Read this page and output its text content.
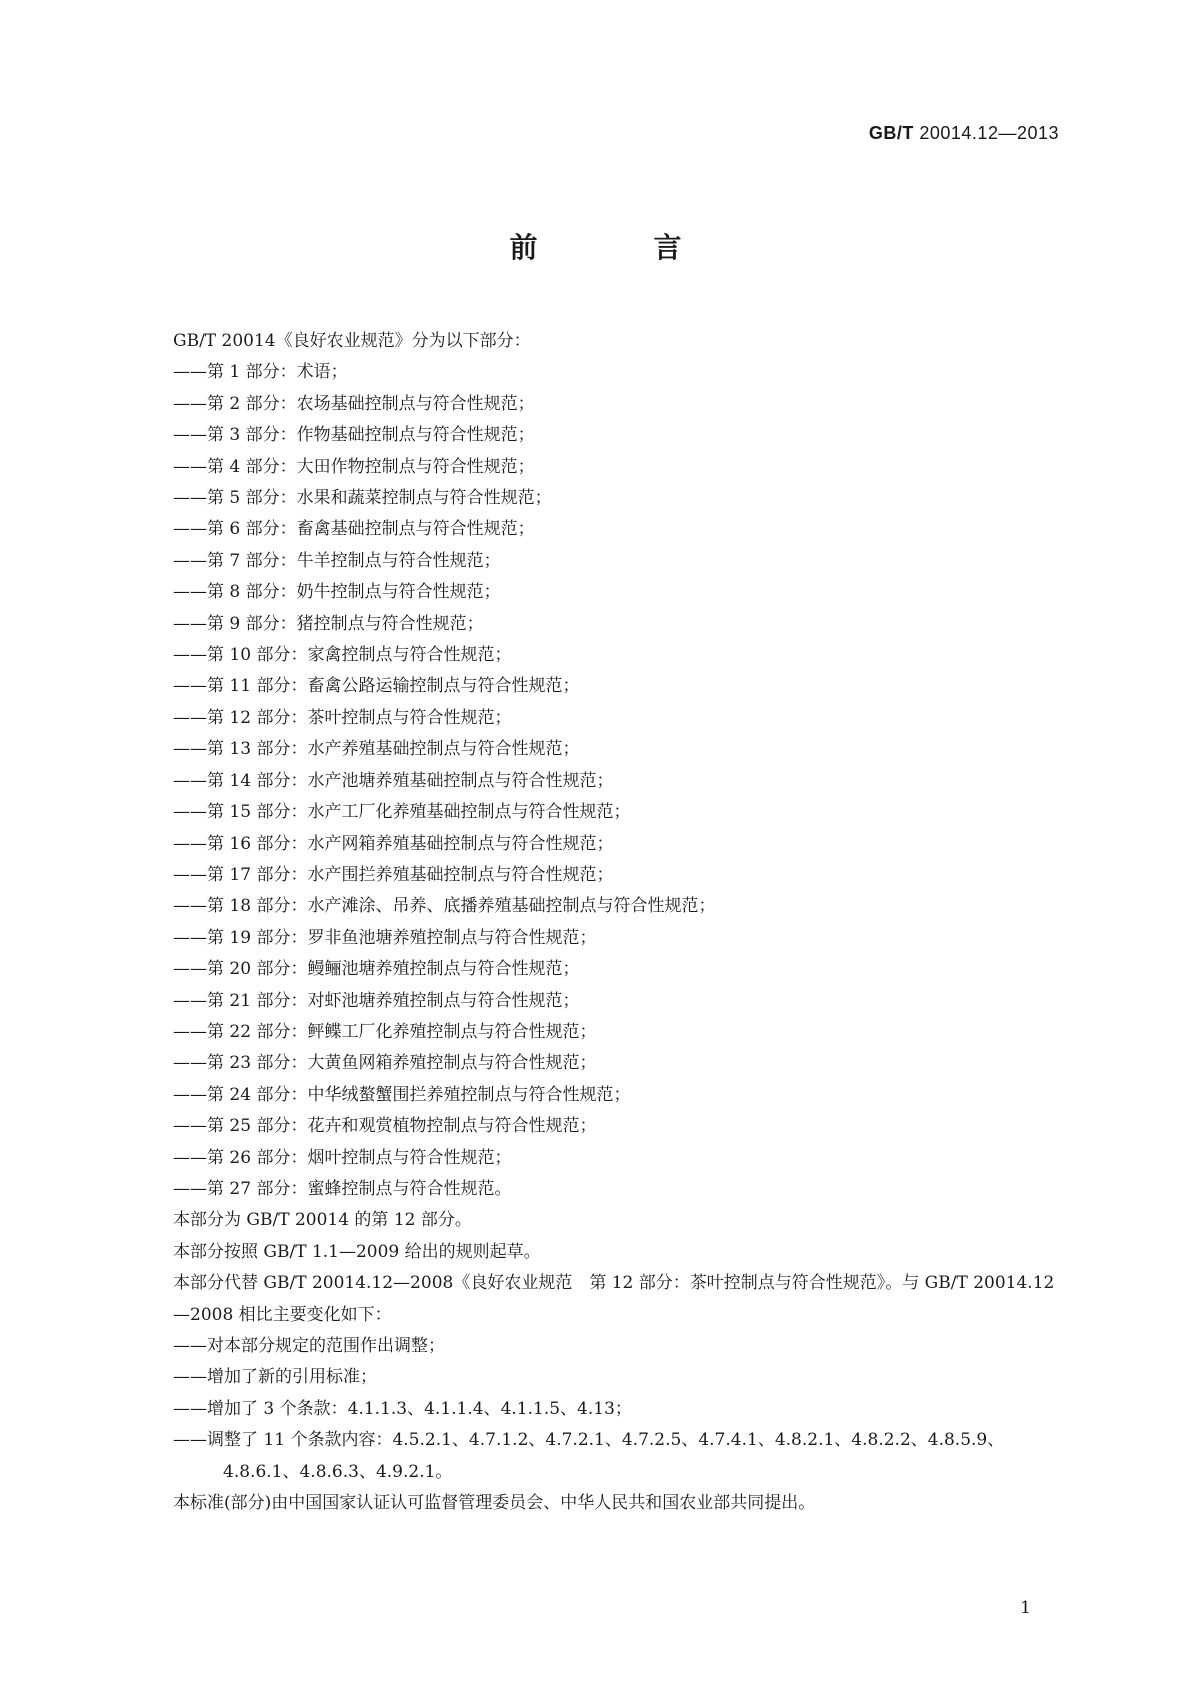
GB/T 20014.12—2013
前　言

GB/T 20014《良好农业规范》分为以下部分：

——第 1 部分：术语；

——第 2 部分：农场基础控制点与符合性规范；

——第 3 部分：作物基础控制点与符合性规范；

——第 4 部分：大田作物控制点与符合性规范；

——第 5 部分：水果和蔬菜控制点与符合性规范；

——第 6 部分：畜禽基础控制点与符合性规范；

——第 7 部分：牛羊控制点与符合性规范；

——第 8 部分：奶牛控制点与符合性规范；

——第 9 部分：猪控制点与符合性规范；

——第 10 部分：家禽控制点与符合性规范；

——第 11 部分：畜禽公路运输控制点与符合性规范；

——第 12 部分：茶叶控制点与符合性规范；

——第 13 部分：水产养殖基础控制点与符合性规范；

——第 14 部分：水产池塘养殖基础控制点与符合性规范；

——第 15 部分：水产工厂化养殖基础控制点与符合性规范；

——第 16 部分：水产网箱养殖基础控制点与符合性规范；

——第 17 部分：水产围拦养殖基础控制点与符合性规范；

——第 18 部分：水产滩涂、吊养、底播养殖基础控制点与符合性规范；

——第 19 部分：罗非鱼池塘养殖控制点与符合性规范；

——第 20 部分：鳗鲡池塘养殖控制点与符合性规范；

——第 21 部分：对虾池塘养殖控制点与符合性规范；

——第 22 部分：鲆鲽工厂化养殖控制点与符合性规范；

——第 23 部分：大黄鱼网箱养殖控制点与符合性规范；

——第 24 部分：中华绒螯蟹围拦养殖控制点与符合性规范；

——第 25 部分：花卉和观赏植物控制点与符合性规范；

——第 26 部分：烟叶控制点与符合性规范；

——第 27 部分：蜜蜂控制点与符合性规范。

本部分为 GB/T 20014 的第 12 部分。

本部分按照 GB/T 1.1—2009 给出的规则起草。

本部分代替 GB/T 20014.12—2008《良好农业规范　第 12 部分：茶叶控制点与符合性规范》。与 GB/T 20014.12—2008 相比主要变化如下：

——对本部分规定的范围作出调整；

——增加了新的引用标准；

——增加了 3 个条款：4.1.1.3、4.1.1.4、4.1.1.5、4.13；

——调整了 11 个条款内容：4.5.2.1、4.7.1.2、4.7.2.1、4.7.2.5、4.7.4.1、4.8.2.1、4.8.2.2、4.8.5.9、4.8.6.1、4.8.6.3、4.9.2.1。

本标准(部分)由中国国家认证认可监督管理委员会、中华人民共和国农业部共同提出。

1
